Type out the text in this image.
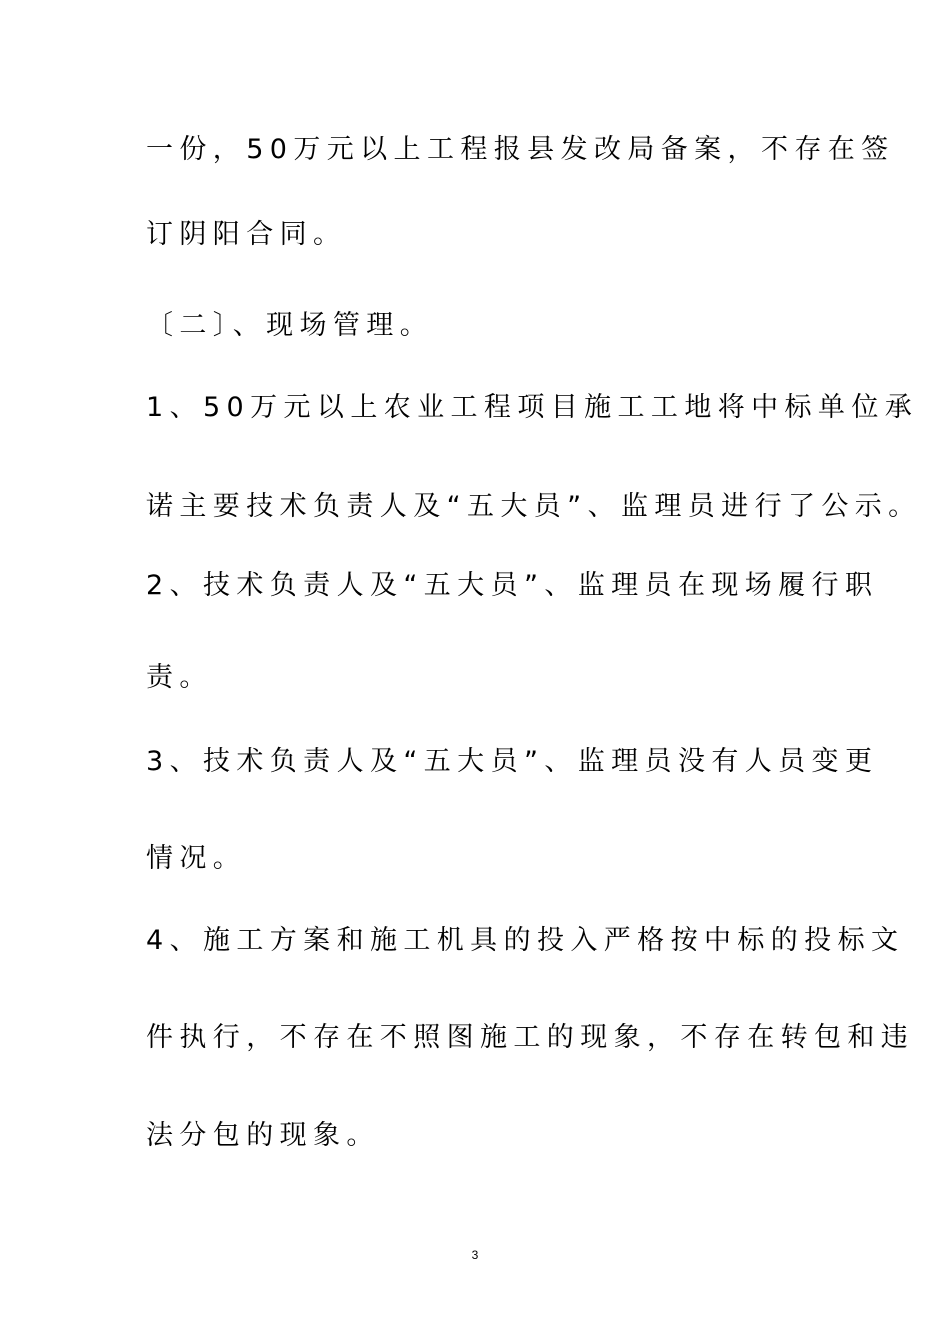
一份，50万元以上工程报县发改局备案，不存在签
订阴阳合同。
〔二〕、现场管理。
1、50万元以上农业工程项目施工工地将中标单位承
诺主要技术负责人及“五大员”、监理员进行了公示。
2、技术负责人及“五大员”、监理员在现场履行职
责。
3、技术负责人及“五大员”、监理员没有人员变更
情况。
4、施工方案和施工机具的投入严格按中标的投标文
件执行，不存在不照图施工的现象，不存在转包和违
法分包的现象。
3
